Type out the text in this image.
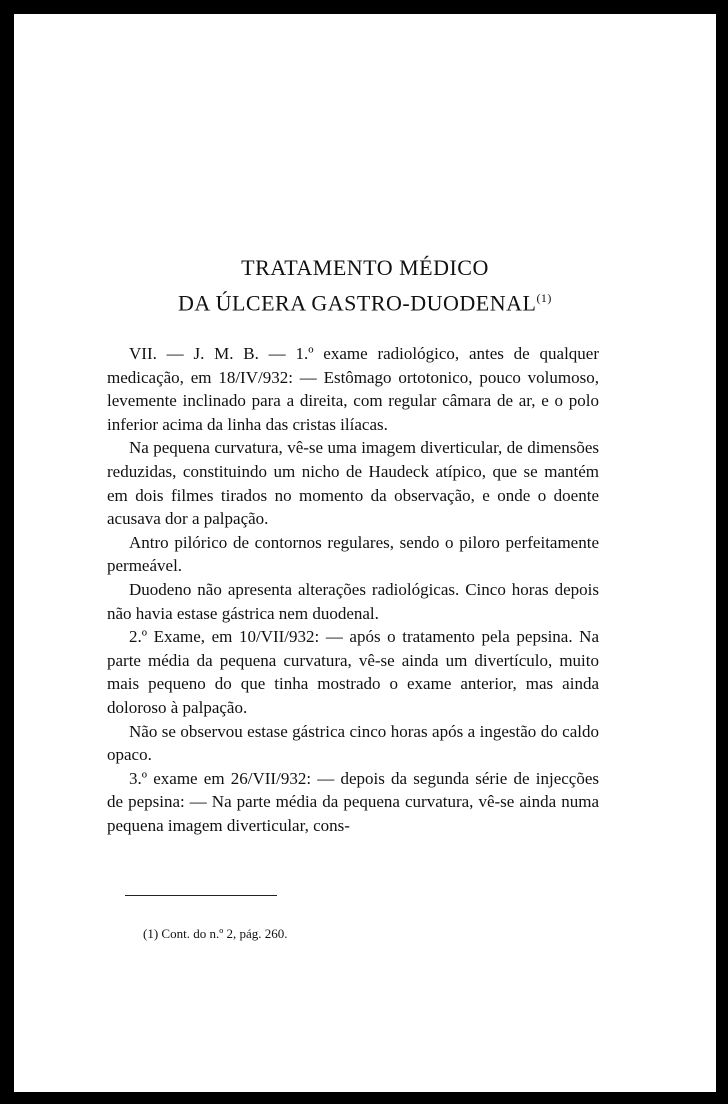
TRATAMENTO MÉDICO
DA ÚLCERA GASTRO-DUODENAL$^{(1)}$

VII. — J. M. B. — 1.º exame radiológico, antes de qualquer medicação, em 18/IV/932: — Estômago ortotonico, pouco volumoso, levemente inclinado para a direita, com regular câmara de ar, e o polo inferior acima da linha das cristas ilíacas.

Na pequena curvatura, vê-se uma imagem diverticular, de dimensões reduzidas, constituindo um nicho de Haudeck atípico, que se mantém em dois filmes tirados no momento da observação, e onde o doente acusava dor a palpação.

Antro pilórico de contornos regulares, sendo o piloro perfeitamente permeável.

Duodeno não apresenta alterações radiológicas. Cinco horas depois não havia estase gástrica nem duodenal.

2.º Exame, em 10/VII/932: — após o tratamento pela pepsina. Na parte média da pequena curvatura, vê-se ainda um divertículo, muito mais pequeno do que tinha mostrado o exame anterior, mas ainda doloroso à palpação.

Não se observou estase gástrica cinco horas após a ingestão do caldo opaco.

3.º exame em 26/VII/932: — depois da segunda série de injecções de pepsina: — Na parte média da pequena curvatura, vê-se ainda numa pequena imagem diverticular, cons-

(1) Cont. do n.º 2, pág. 260.
